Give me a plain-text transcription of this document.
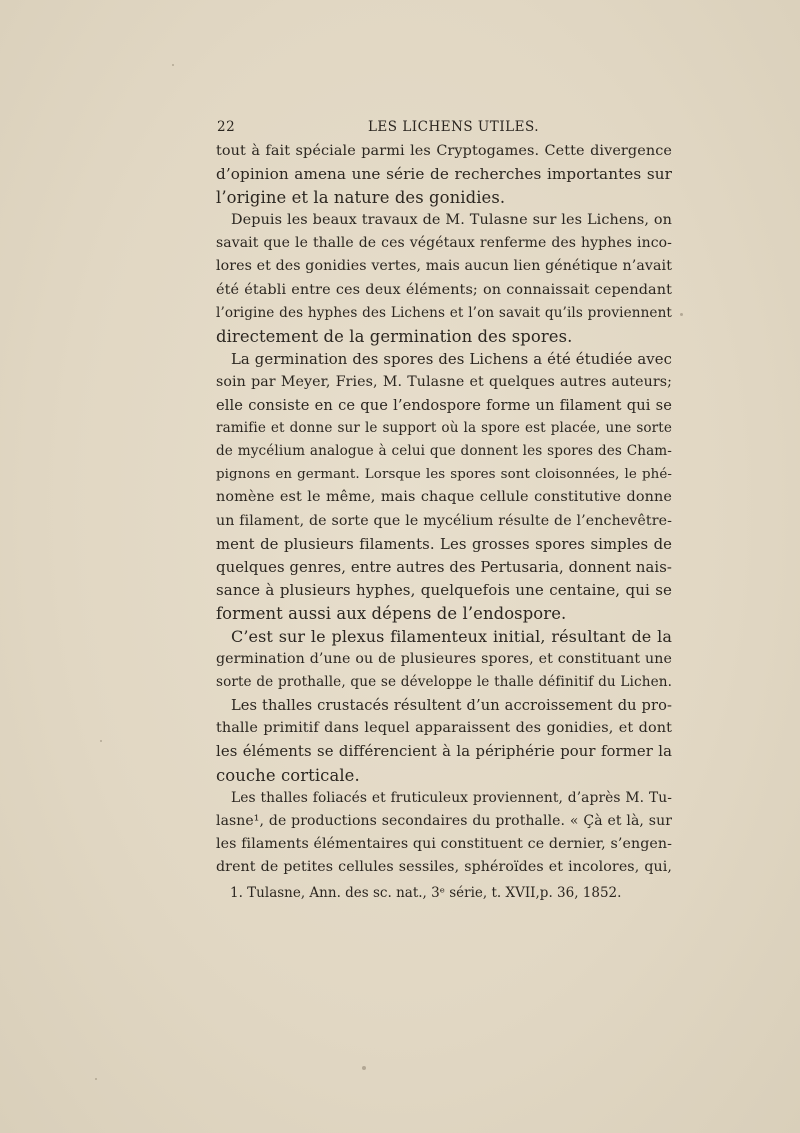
22	LES LICHENS UTILES.
tout à fait spéciale parmi les Cryptogames. Cette divergence
d’opinion amena une série de recherches importantes sur
l’origine et la nature des gonidies.
Depuis les beaux travaux de M. Tulasne sur les Lichens, on
savait que le thalle de ces végétaux renferme des hyphes inco-
lores et des gonidies vertes, mais aucun lien génétique n’avait
été établi entre ces deux éléments; on connaissait cependant
l’origine des hyphes des Lichens et l’on savait qu’ils proviennent
directement de la germination des spores.
La germination des spores des Lichens a été étudiée avec
soin par Meyer, Fries, M. Tulasne et quelques autres auteurs;
elle consiste en ce que l’endospore forme un filament qui se
ramifie et donne sur le support où la spore est placée, une sorte
de mycélium analogue à celui que donnent les spores des Cham-
pignons en germant. Lorsque les spores sont cloisonnées, le phé-
nomène est le même, mais chaque cellule constitutive donne
un filament, de sorte que le mycélium résulte de l’enchevêtre-
ment de plusieurs filaments. Les grosses spores simples de
quelques genres, entre autres des Pertusaria, donnent nais-
sance à plusieurs hyphes, quelquefois une centaine, qui se
forment aussi aux dépens de l’endospore.
C’est sur le plexus filamenteux initial, résultant de la
germination d’une ou de plusieures spores, et constituant une
sorte de prothalle, que se développe le thalle définitif du Lichen.
Les thalles crustacés résultent d’un accroissement du pro-
thalle primitif dans lequel apparaissent des gonidies, et dont
les éléments se différencient à la périphérie pour former la
couche corticale.
Les thalles foliacés et fruticuleux proviennent, d’après M. Tu-
lasne¹, de productions secondaires du prothalle. « Çà et là, sur
les filaments élémentaires qui constituent ce dernier, s’engen-
drent de petites cellules sessiles, sphéroïdes et incolores, qui,
1. Tulasne, Ann. des sc. nat., 3ᵉ série, t. XVII,p. 36, 1852.
